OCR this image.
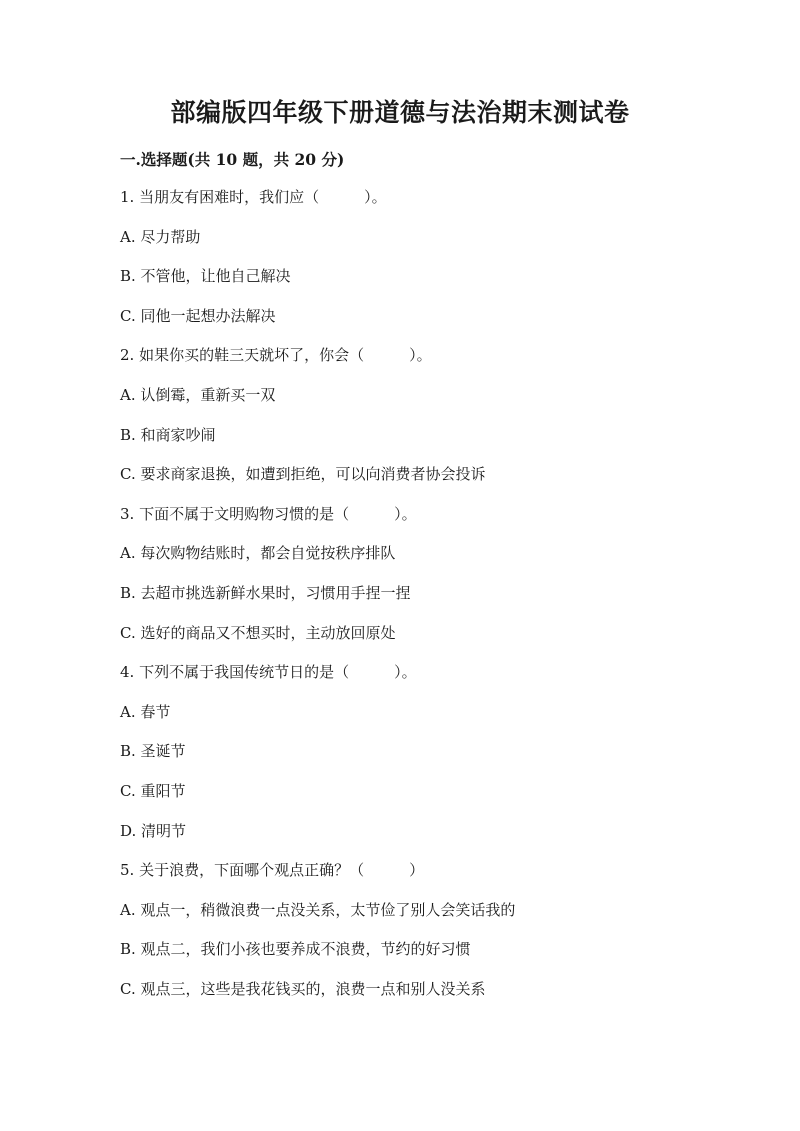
部编版四年级下册道德与法治期末测试卷
一.选择题(共 10 题，共 20 分)
1. 当朋友有困难时，我们应（　　　）。
A. 尽力帮助
B. 不管他，让他自己解决
C. 同他一起想办法解决
2. 如果你买的鞋三天就坏了，你会（　　　）。
A. 认倒霉，重新买一双
B. 和商家吵闹
C. 要求商家退换，如遭到拒绝，可以向消费者协会投诉
3. 下面不属于文明购物习惯的是（　　　）。
A. 每次购物结账时，都会自觉按秩序排队
B. 去超市挑选新鲜水果时，习惯用手捏一捏
C. 选好的商品又不想买时，主动放回原处
4. 下列不属于我国传统节日的是（　　　）。
A. 春节
B. 圣诞节
C. 重阳节
D. 清明节
5. 关于浪费，下面哪个观点正确？（　　　）
A. 观点一，稍微浪费一点没关系，太节俭了别人会笑话我的
B. 观点二，我们小孩也要养成不浪费，节约的好习惯
C. 观点三，这些是我花钱买的，浪费一点和别人没关系
